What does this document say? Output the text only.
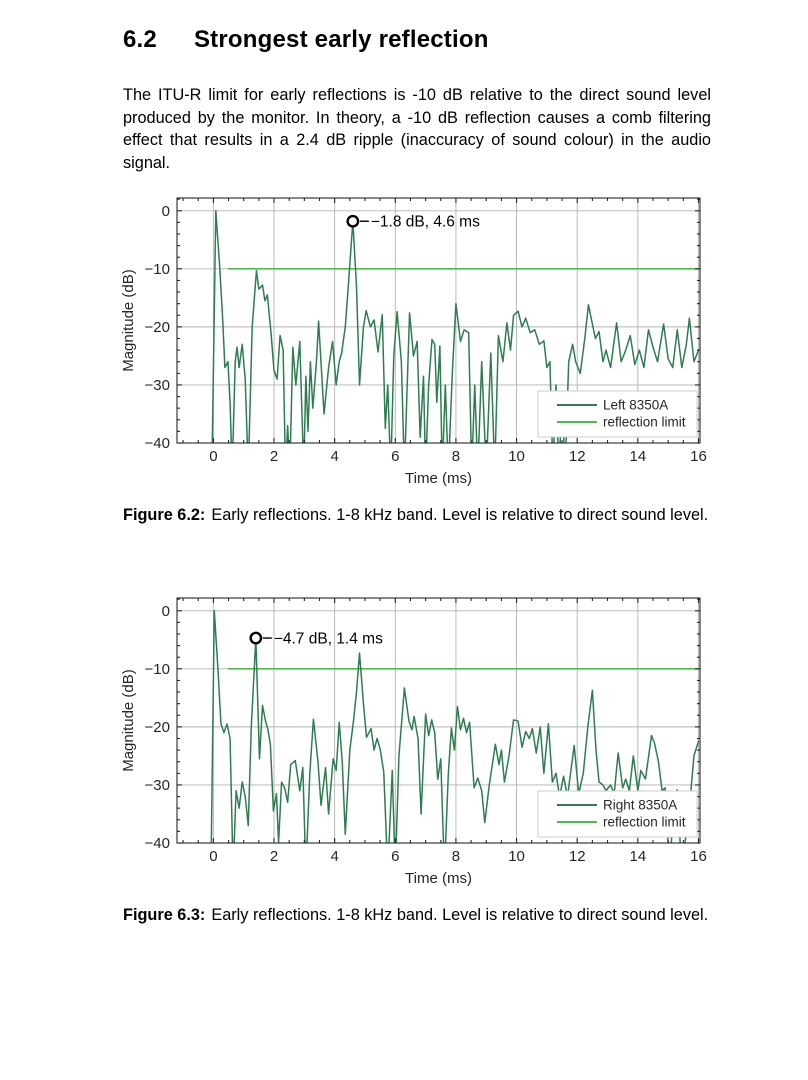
6.2 Strongest early reflection

The ITU-R limit for early reflections is -10 dB relative to the direct sound level produced by the monitor. In theory, a -10 dB reflection causes a comb filtering effect that results in a 2.4 dB ripple (inaccuracy of sound colour) in the audio signal.

0	2	4	6	8	10	12	14	16
0
−10
−20
−30
−40
Time (ms)
Magnitude (dB)
Left 8350A
reflection limit
−1.8 dB, 4.6 ms

Figure 6.2: Early reflections. 1-8 kHz band. Level is relative to direct sound level.

0	2	4	6	8	10	12	14	16
0
−10
−20
−30
−40
Time (ms)
Magnitude (dB)
Right 8350A
reflection limit
−4.7 dB, 1.4 ms

Figure 6.3: Early reflections. 1-8 kHz band. Level is relative to direct sound level.
